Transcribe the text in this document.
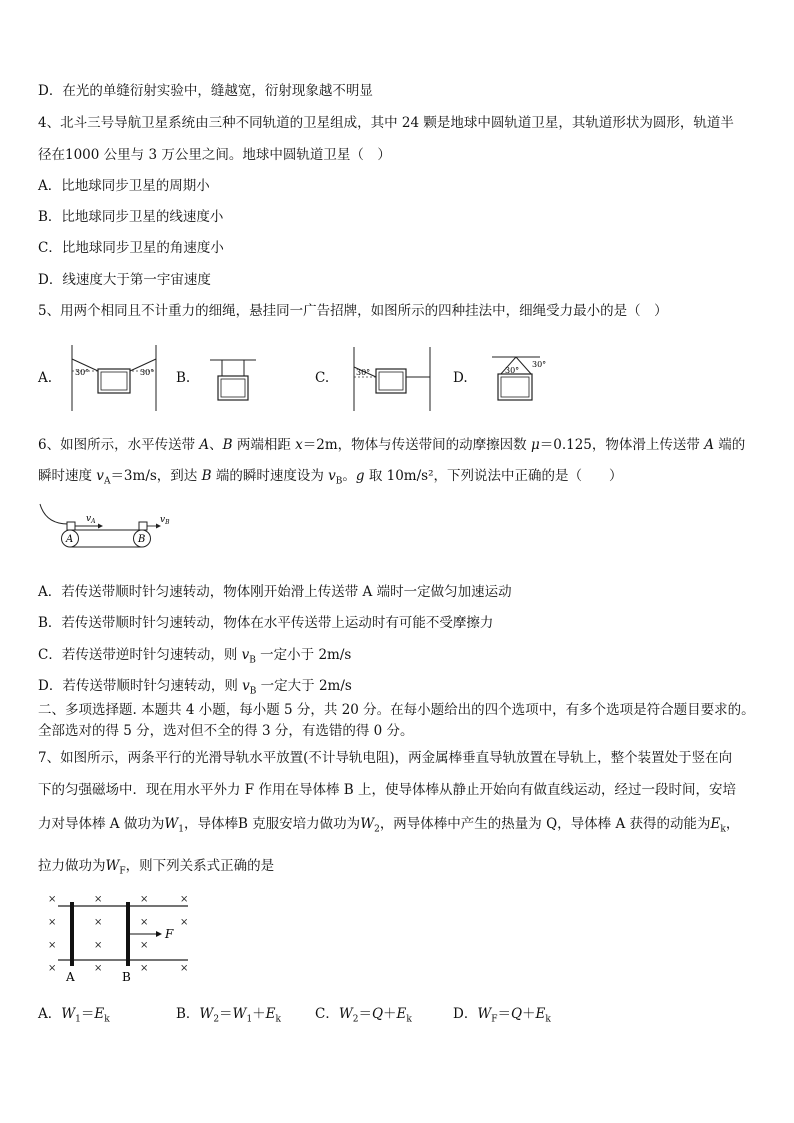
D．在光的单缝衍射实验中，缝越宽，衍射现象越不明显
4、北斗三号导航卫星系统由三种不同轨道的卫星组成，其中 24 颗是地球中圆轨道卫星，其轨道形状为圆形，轨道半
径在1000 公里与 3 万公里之间。地球中圆轨道卫星（　）
A．比地球同步卫星的周期小
B．比地球同步卫星的线速度小
C．比地球同步卫星的角速度小
D．线速度大于第一宇宙速度
5、用两个相同且不计重力的细绳，悬挂同一广告招牌，如图所示的四种挂法中，细绳受力最小的是（　）
A.	B.	C.	D.
30°	30°	30°	30°
30°
6、如图所示，水平传送带 A、B 两端相距 x＝2m，物体与传送带间的动摩擦因数 μ＝0.125，物体滑上传送带 A 端的
瞬时速度 $v_A=3m/s$，到达 B 端的瞬时速度设为 $v_B$。g 取 10m/s²，下列说法中正确的是（　　）
$v_A$	$v_B$
A	B
A．若传送带顺时针匀速转动，物体刚开始滑上传送带 A 端时一定做匀加速运动
B．若传送带顺时针匀速转动，物体在水平传送带上运动时有可能不受摩擦力
C．若传送带逆时针匀速转动，则 $v_B$ 一定小于 2m/s
D．若传送带顺时针匀速转动，则 $v_B$ 一定大于 2m/s
二、多项选择题. 本题共 4 小题，每小题 5 分，共 20 分。在每小题给出的四个选项中，有多个选项是符合题目要求的。
全部选对的得 5 分，选对但不全的得 3 分，有选错的得 0 分。
7、如图所示，两条平行的光滑导轨水平放置(不计导轨电阻)，两金属棒垂直导轨放置在导轨上，整个装置处于竖在向
下的匀强磁场中．现在用水平外力 F 作用在导体棒 B 上，使导体棒从静止开始向有做直线运动，经过一段时间，安培
力对导体棒 A 做功为$W_1$，导体棒B 克服安培力做功为$W_2$，两导体棒中产生的热量为 Q，导体棒 A 获得的动能为$E_k$，
拉力做功为$W_F$，则下列关系式正确的是
×	×	×	×
×	×	×	×
×	×	×
×	×	×	×
F
A	B
A．$W_1=E_k$	B．$W_2=W_1+E_k$	C．$W_2=Q+E_k$	D．$W_F=Q+E_k$
